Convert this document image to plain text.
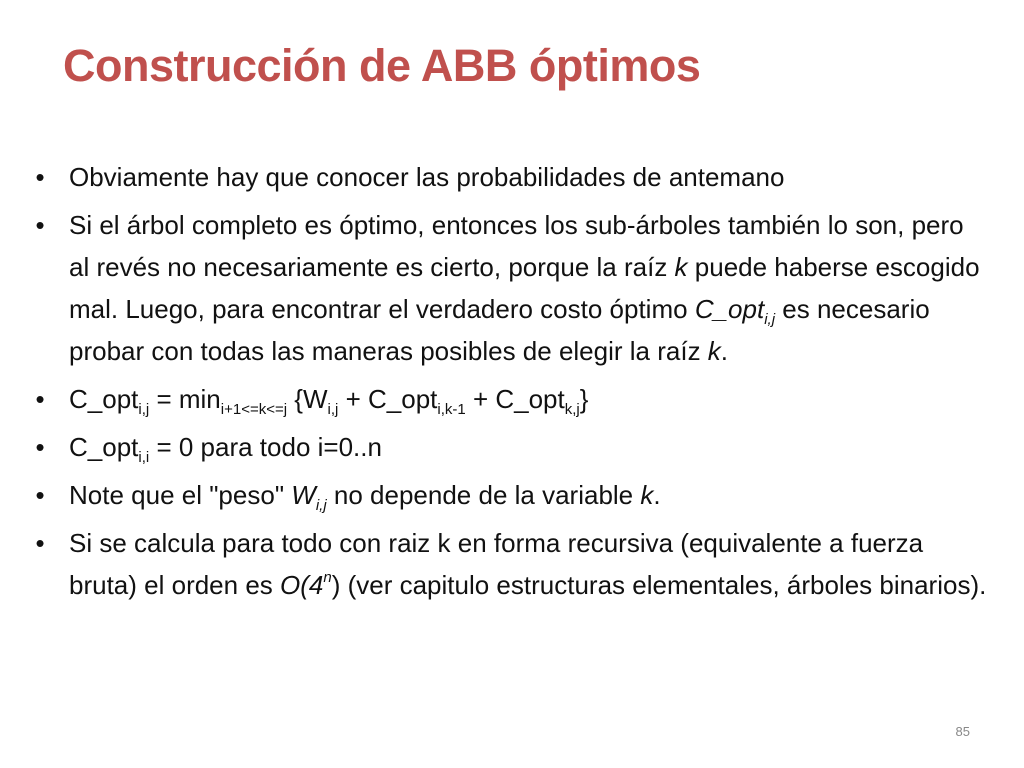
Construcción de ABB óptimos
• Obviamente hay que conocer las probabilidades de antemano
• Si el árbol completo es óptimo, entonces los sub-árboles también lo son, pero al revés no necesariamente es cierto, porque la raíz k puede haberse escogido mal. Luego, para encontrar el verdadero costo óptimo C_opt$_{i,j}$ es necesario probar con todas las maneras posibles de elegir la raíz k.
• C_opt$_{i,j}$ = $\min_{i+1<=k<=j} \{W_{i,j}$ + C_opt$_{i,k-1}$ + C_opt$_{k,j}$}
• C_opt$_{i,i}$ = 0 para todo i=0..n
• Note que el "peso" $W_{i,j}$ no depende de la variable k.
• Si se calcula para todo con raiz k en forma recursiva (equivalente a fuerza bruta) el orden es O(4$^n$) (ver capitulo estructuras elementales, árboles binarios).
85
